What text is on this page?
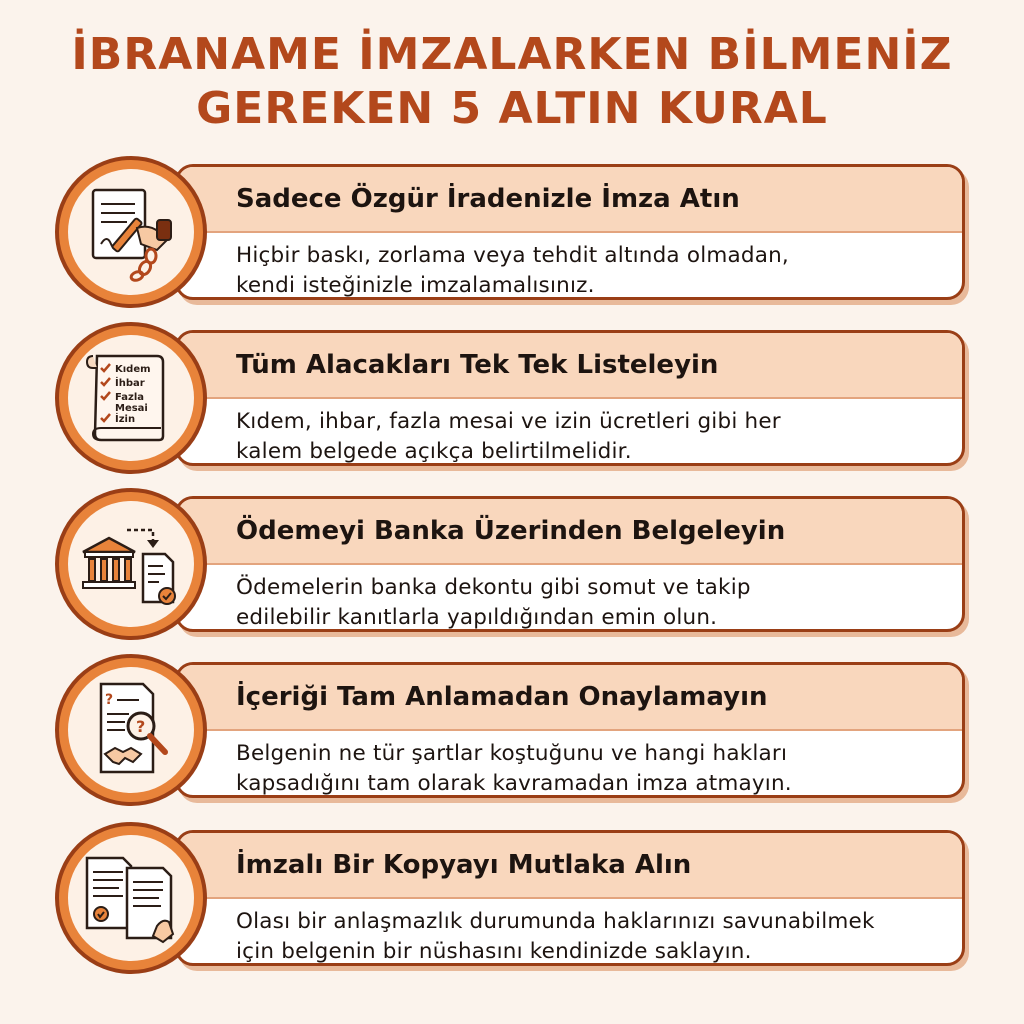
İBRANAME İMZALARKEN BİLMENİZ
GEREKEN 5 ALTIN KURAL
Sadece Özgür İradenizle İmza Atın
Hiçbir baskı, zorlama veya tehdit altında olmadan,
kendi isteğinizle imzalamalısınız.
Tüm Alacakları Tek Tek Listeleyin
Kıdem, ihbar, fazla mesai ve izin ücretleri gibi her
kalem belgede açıkça belirtilmelidir.
Kıdem
İhbar
Fazla
Mesai
İzin
Ödemeyi Banka Üzerinden Belgeleyin
Ödemelerin banka dekontu gibi somut ve takip
edilebilir kanıtlarla yapıldığından emin olun.
İçeriği Tam Anlamadan Onaylamayın
Belgenin ne tür şartlar koştuğunu ve hangi hakları
kapsadığını tam olarak kavramadan imza atmayın.
?
?
İmzalı Bir Kopyayı Mutlaka Alın
Olası bir anlaşmazlık durumunda haklarınızı savunabilmek
için belgenin bir nüshasını kendinizde saklayın.
